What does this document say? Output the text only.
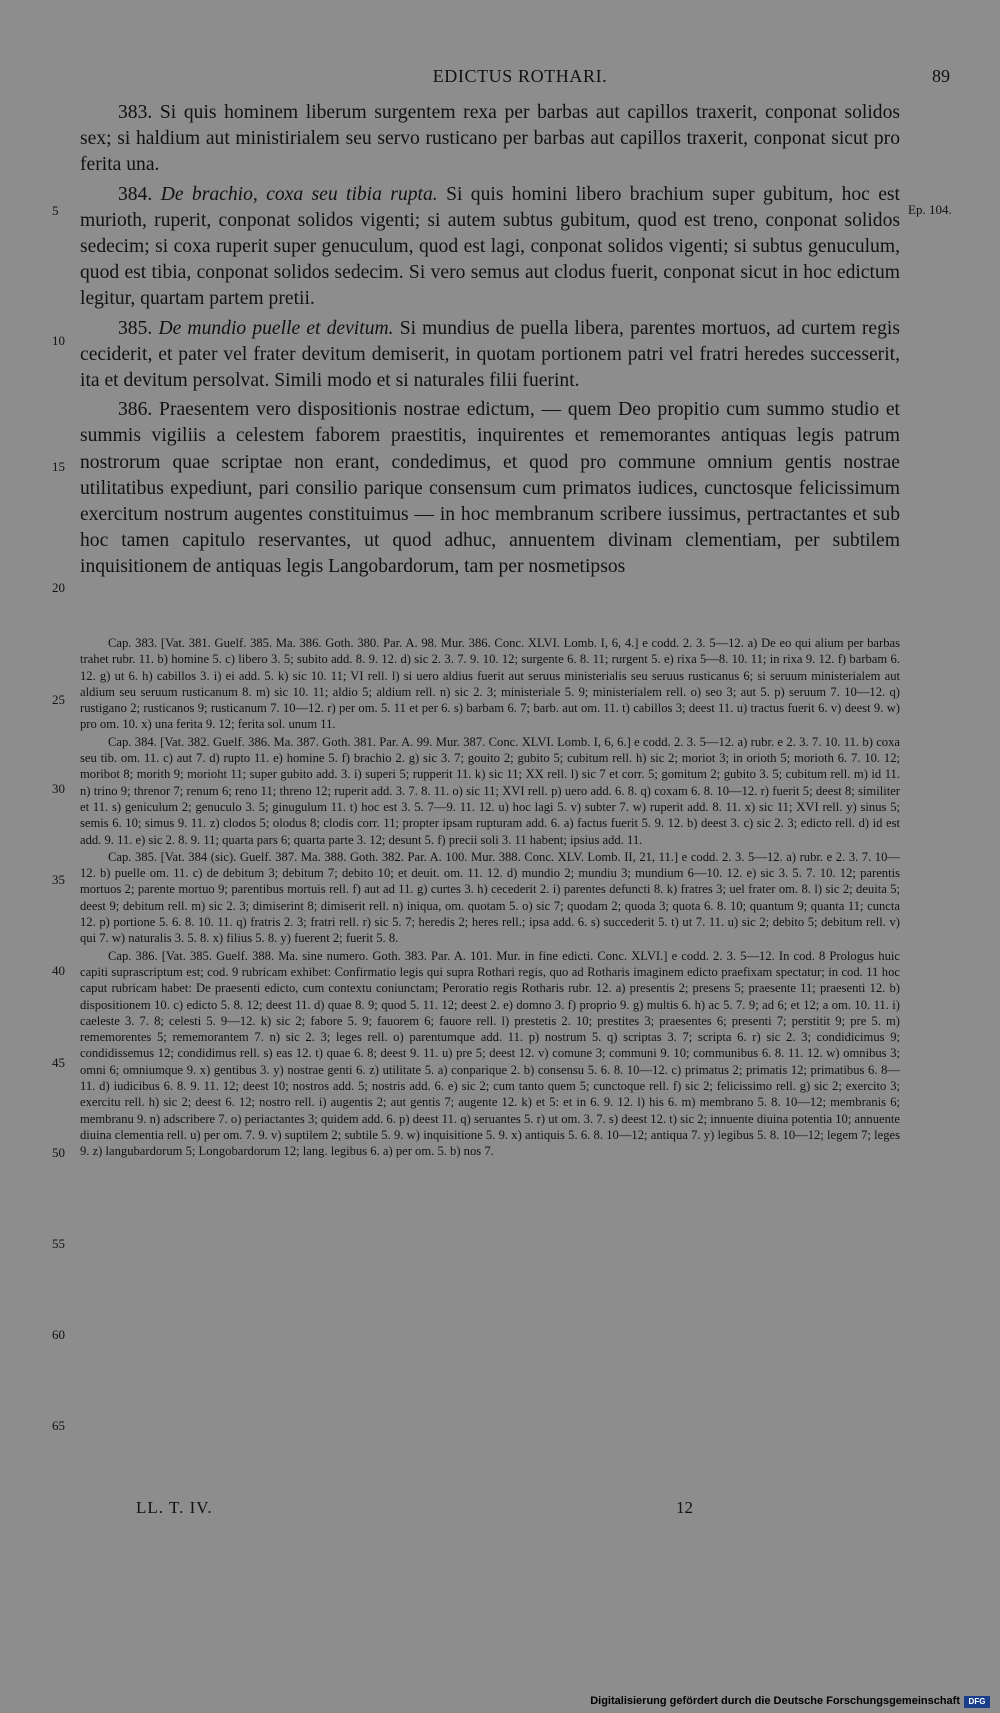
EDICTUS ROTHARI.	89

383. Si quis hominem liberum surgentem rexa per barbas aut capillos traxerit, conponat solidos sex; si haldium aut ministirialem seu servo rusticano per barbas aut capillos traxerit, conponat sicut pro ferita una.

384. De brachio, coxa seu tibia rupta. Si quis homini libero brachium super gubitum, hoc est murioth, ruperit, conponat solidos vigenti; si autem subtus gubitum, quod est treno, conponat solidos sedecim; si coxa ruperit super genuculum, quod est lagi, conponat solidos vigenti; si subtus genuculum, quod est tibia, conponat solidos sedecim. Si vero semus aut clodus fuerit, conponat sicut in hoc edictum legitur, quartam partem pretii.

385. De mundio puelle et devitum. Si mundius de puella libera, parentes mortuos, ad curtem regis ceciderit, et pater vel frater devitum demiserit, in quotam portionem patri vel fratri heredes successerit, ita et devitum persolvat. Simili modo et si naturales filii fuerint.

386. Praesentem vero dispositionis nostrae edictum, — quem Deo propitio cum summo studio et summis vigiliis a celestem faborem praestitis, inquirentes et rememorantes antiquas legis patrum nostrorum quae scriptae non erant, condedimus, et quod pro commune omnium gentis nostrae utilitatibus expediunt, pari consilio parique consensum cum primatos iudices, cunctosque felicissimum exercitum nostrum augentes constituimus — in hoc membranum scribere iussimus, pertractantes et sub hoc tamen capitulo reservantes, ut quod adhuc, annuentem divinam clementiam, per subtilem inquisitionem de antiquas legis Langobardorum, tam per nosmetipsos

Ep. 104.
5
10
15
20
25
30
35
40
45
50
55
60
65

Cap. 383. [Vat. 381. Guelf. 385. Ma. 386. Goth. 380. Par. A. 98. Mur. 386. Conc. XLVI. Lomb. I, 6, 4.] e codd. 2. 3. 5—12. a) De eo qui alium per barbas trahet rubr. 11. b) homine 5. c) libero 3. 5; subito add. 8. 9. 12. d) sic 2. 3. 7. 9. 10. 12; surgente 6. 8. 11; rurgent 5. e) rixa 5—8. 10. 11; in rixa 9. 12. f) barbam 6. 12. g) ut 6. h) cabillos 3. i) ei add. 5. k) sic 10. 11; VI rell. l) si uero aldius fuerit aut seruus ministerialis seu seruus rusticanus 6; si seruum ministerialem aut aldium seu seruum rusticanum 8. m) sic 10. 11; aldio 5; aldium rell. n) sic 2. 3; ministeriale 5. 9; ministerialem rell. o) seo 3; aut 5. p) seruum 7. 10—12. q) rustigano 2; rusticanos 9; rusticanum 7. 10—12. r) per om. 5. 11 et per 6. s) barbam 6. 7; barb. aut om. 11. t) cabillos 3; deest 11. u) tractus fuerit 6. v) deest 9. w) pro om. 10. x) una ferita 9. 12; ferita sol. unum 11.

Cap. 384. [Vat. 382. Guelf. 386. Ma. 387. Goth. 381. Par. A. 99. Mur. 387. Conc. XLVI. Lomb. I, 6, 6.] e codd. 2. 3. 5—12. a) rubr. e 2. 3. 7. 10. 11. b) coxa seu tib. om. 11. c) aut 7. d) rupto 11. e) homine 5. f) brachio 2. g) sic 3. 7; gouito 2; gubito 5; cubitum rell. h) sic 2; moriot 3; in orioth 5; morioth 6. 7. 10. 12; moribot 8; morith 9; morioht 11; super gubito add. 3. i) superi 5; rupperit 11. k) sic 11; XX rell. l) sic 7 et corr. 5; gomitum 2; gubito 3. 5; cubitum rell. m) id 11. n) trino 9; threnor 7; renum 6; reno 11; threno 12; ruperit add. 3. 7. 8. 11. o) sic 11; XVI rell. p) uero add. 6. 8. q) coxam 6. 8. 10—12. r) fuerit 5; deest 8; similiter et 11. s) geniculum 2; genuculo 3. 5; ginugulum 11. t) hoc est 3. 5. 7—9. 11. 12. u) hoc lagi 5. v) subter 7. w) ruperit add. 8. 11. x) sic 11; XVI rell. y) sinus 5; semis 6. 10; simus 9. 11. z) clodos 5; olodus 8; clodis corr. 11; propter ipsam rupturam add. 6. a) factus fuerit 5. 9. 12. b) deest 3. c) sic 2. 3; edicto rell. d) id est add. 9. 11. e) sic 2. 8. 9. 11; quarta pars 6; quarta parte 3. 12; desunt 5. f) precii soli 3. 11 habent; ipsius add. 11.

Cap. 385. [Vat. 384 (sic). Guelf. 387. Ma. 388. Goth. 382. Par. A. 100. Mur. 388. Conc. XLV. Lomb. II, 21, 11.] e codd. 2. 3. 5—12. a) rubr. e 2. 3. 7. 10—12. b) puelle om. 11. c) de debitum 3; debitum 7; debito 10; et deuit. om. 11. 12. d) mundio 2; mundiu 3; mundium 6—10. 12. e) sic 3. 5. 7. 10. 12; parentis mortuos 2; parente mortuo 9; parentibus mortuis rell. f) aut ad 11. g) curtes 3. h) cecederit 2. i) parentes defuncti 8. k) fratres 3; uel frater om. 8. l) sic 2; deuita 5; deest 9; debitum rell. m) sic 2. 3; dimiserint 8; dimiserit rell. n) iniqua, om. quotam 5. o) sic 7; quodam 2; quoda 3; quota 6. 8. 10; quantum 9; quanta 11; cuncta 12. p) portione 5. 6. 8. 10. 11. q) fratris 2. 3; fratri rell. r) sic 5. 7; heredis 2; heres rell.; ipsa add. 6. s) succederit 5. t) ut 7. 11. u) sic 2; debito 5; debitum rell. v) qui 7. w) naturalis 3. 5. 8. x) filius 5. 8. y) fuerent 2; fuerit 5. 8.

Cap. 386. [Vat. 385. Guelf. 388. Ma. sine numero. Goth. 383. Par. A. 101. Mur. in fine edicti. Conc. XLVI.] e codd. 2. 3. 5—12. In cod. 8 Prologus huic capiti suprascriptum est; cod. 9 rubricam exhibet: Confirmatio legis qui supra Rothari regis, quo ad Rotharis imaginem edicto praefixam spectatur; in cod. 11 hoc caput rubricam habet: De praesenti edicto, cum contextu coniunctam; Peroratio regis Rotharis rubr. 12. a) presentis 2; presens 5; praesente 11; praesenti 12. b) dispositionem 10. c) edicto 5. 8. 12; deest 11. d) quae 8. 9; quod 5. 11. 12; deest 2. e) domno 3. f) proprio 9. g) multis 6. h) ac 5. 7. 9; ad 6; et 12; a om. 10. 11. i) caeleste 3. 7. 8; celesti 5. 9—12. k) sic 2; fabore 5. 9; fauorem 6; fauore rell. l) prestetis 2. 10; prestites 3; praesentes 6; presenti 7; perstitit 9; pre 5. m) rememorentes 5; rememorantem 7. n) sic 2. 3; leges rell. o) parentumque add. 11. p) nostrum 5. q) scriptas 3. 7; scripta 6. r) sic 2. 3; condidicimus 9; condidissemus 12; condidimus rell. s) eas 12. t) quae 6. 8; deest 9. 11. u) pre 5; deest 12. v) comune 3; communi 9. 10; communibus 6. 8. 11. 12. w) omnibus 3; omni 6; omniumque 9. x) gentibus 3. y) nostrae genti 6. z) utilitate 5. a) conparique 2. b) consensu 5. 6. 8. 10—12. c) primatus 2; primatis 12; primatibus 6. 8—11. d) iudicibus 6. 8. 9. 11. 12; deest 10; nostros add. 5; nostris add. 6. e) sic 2; cum tanto quem 5; cunctoque rell. f) sic 2; felicissimo rell. g) sic 2; exercito 3; exercitu rell. h) sic 2; deest 6. 12; nostro rell. i) augentis 2; aut gentis 7; augente 12. k) et 5: et in 6. 9. 12. l) his 6. m) membrano 5. 8. 10—12; membranis 6; membranu 9. n) adscribere 7. o) periactantes 3; quidem add. 6. p) deest 11. q) seruantes 5. r) ut om. 3. 7. s) deest 12. t) sic 2; innuente diuina potentia 10; annuente diuina clementia rell. u) per om. 7. 9. v) suptilem 2; subtile 5. 9. w) inquisitione 5. 9. x) antiquis 5. 6. 8. 10—12; antiqua 7. y) legibus 5. 8. 10—12; legem 7; leges 9. z) langubardorum 5; Longobardorum 12; lang. legibus 6. a) per om. 5. b) nos 7.

LL. T. IV.	12
Digitalisierung gefördert durch die Deutsche Forschungsgemeinschaft	DFG
